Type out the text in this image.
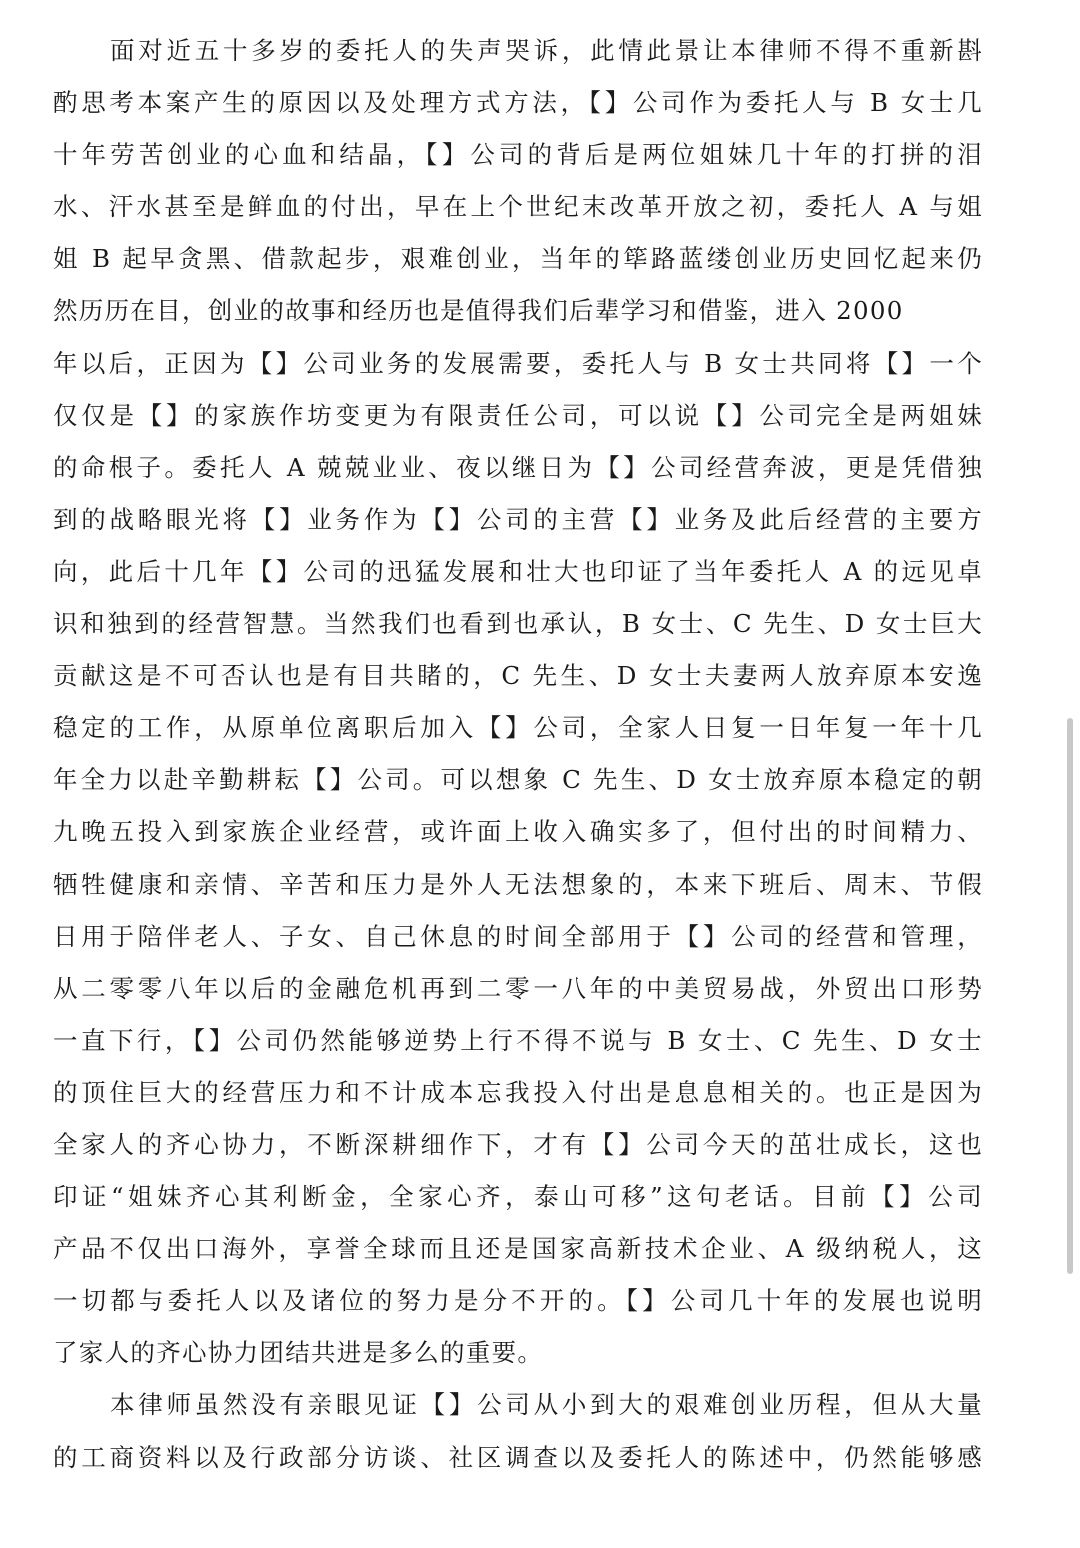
面对近五十多岁的委托人的失声哭诉，此情此景让本律师不得不重新斟
酌思考本案产生的原因以及处理方式方法，【】公司作为委托人与 B 女士几
十年劳苦创业的心血和结晶，【】公司的背后是两位姐妹几十年的打拼的泪
水、汗水甚至是鲜血的付出，早在上个世纪末改革开放之初，委托人 A 与姐
姐 B 起早贪黑、借款起步，艰难创业，当年的筚路蓝缕创业历史回忆起来仍
然历历在目，创业的故事和经历也是值得我们后辈学习和借鉴，进入 2000
年以后，正因为【】公司业务的发展需要，委托人与 B 女士共同将【】一个
仅仅是【】的家族作坊变更为有限责任公司，可以说【】公司完全是两姐妹
的命根子。委托人 A 兢兢业业、夜以继日为【】公司经营奔波，更是凭借独
到的战略眼光将【】业务作为【】公司的主营【】业务及此后经营的主要方
向，此后十几年【】公司的迅猛发展和壮大也印证了当年委托人 A 的远见卓
识和独到的经营智慧。当然我们也看到也承认，B 女士、C 先生、D 女士巨大
贡献这是不可否认也是有目共睹的，C 先生、D 女士夫妻两人放弃原本安逸
稳定的工作，从原单位离职后加入【】公司，全家人日复一日年复一年十几
年全力以赴辛勤耕耘【】公司。可以想象 C 先生、D 女士放弃原本稳定的朝
九晚五投入到家族企业经营，或许面上收入确实多了，但付出的时间精力、
牺牲健康和亲情、辛苦和压力是外人无法想象的，本来下班后、周末、节假
日用于陪伴老人、子女、自己休息的时间全部用于【】公司的经营和管理，
从二零零八年以后的金融危机再到二零一八年的中美贸易战，外贸出口形势
一直下行，【】公司仍然能够逆势上行不得不说与 B 女士、C 先生、D 女士
的顶住巨大的经营压力和不计成本忘我投入付出是息息相关的。也正是因为
全家人的齐心协力，不断深耕细作下，才有【】公司今天的茁壮成长，这也
印证“姐妹齐心其利断金，全家心齐，泰山可移”这句老话。目前【】公司
产品不仅出口海外，享誉全球而且还是国家高新技术企业、A 级纳税人，这
一切都与委托人以及诸位的努力是分不开的。【】公司几十年的发展也说明
了家人的齐心协力团结共进是多么的重要。
本律师虽然没有亲眼见证【】公司从小到大的艰难创业历程，但从大量
的工商资料以及行政部分访谈、社区调查以及委托人的陈述中，仍然能够感
